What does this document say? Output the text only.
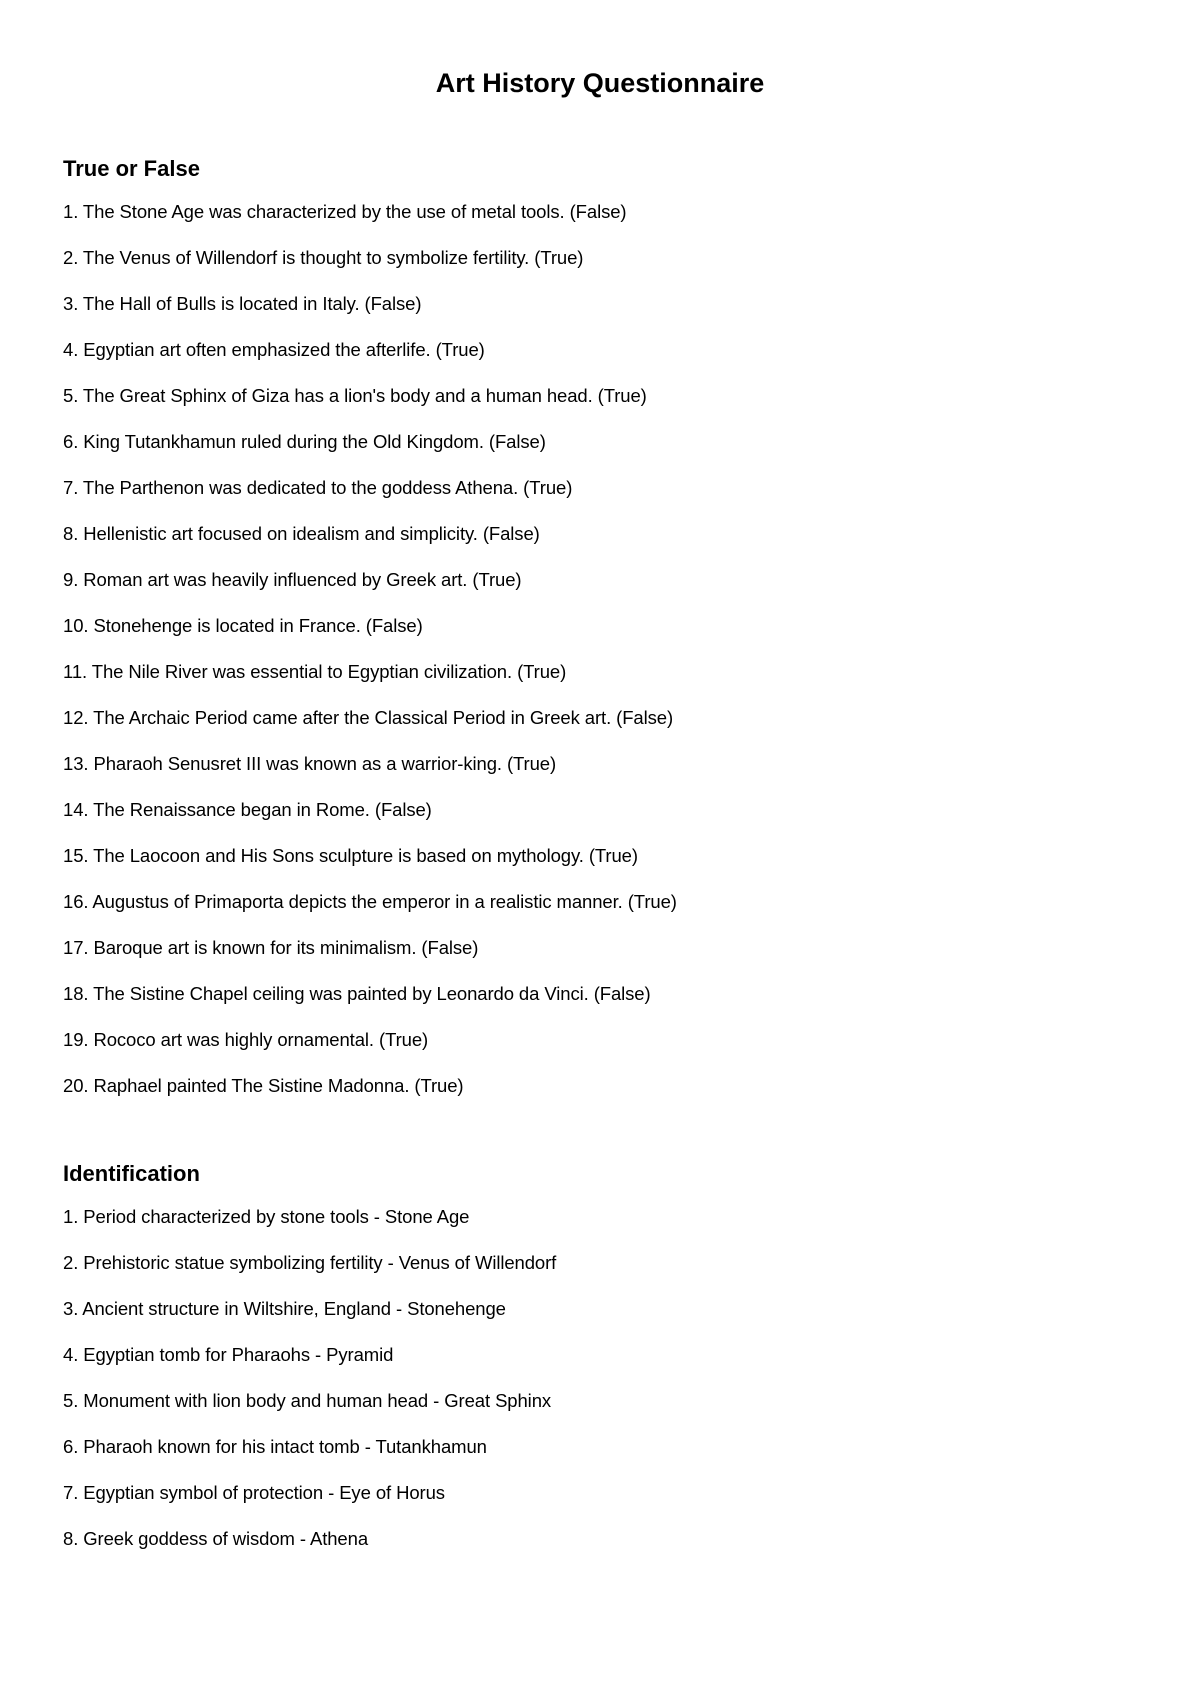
Art History Questionnaire
True or False
1. The Stone Age was characterized by the use of metal tools. (False)
2. The Venus of Willendorf is thought to symbolize fertility. (True)
3. The Hall of Bulls is located in Italy. (False)
4. Egyptian art often emphasized the afterlife. (True)
5. The Great Sphinx of Giza has a lion's body and a human head. (True)
6. King Tutankhamun ruled during the Old Kingdom. (False)
7. The Parthenon was dedicated to the goddess Athena. (True)
8. Hellenistic art focused on idealism and simplicity. (False)
9. Roman art was heavily influenced by Greek art. (True)
10. Stonehenge is located in France. (False)
11. The Nile River was essential to Egyptian civilization. (True)
12. The Archaic Period came after the Classical Period in Greek art. (False)
13. Pharaoh Senusret III was known as a warrior-king. (True)
14. The Renaissance began in Rome. (False)
15. The Laocoon and His Sons sculpture is based on mythology. (True)
16. Augustus of Primaporta depicts the emperor in a realistic manner. (True)
17. Baroque art is known for its minimalism. (False)
18. The Sistine Chapel ceiling was painted by Leonardo da Vinci. (False)
19. Rococo art was highly ornamental. (True)
20. Raphael painted The Sistine Madonna. (True)
Identification
1. Period characterized by stone tools - Stone Age
2. Prehistoric statue symbolizing fertility - Venus of Willendorf
3. Ancient structure in Wiltshire, England - Stonehenge
4. Egyptian tomb for Pharaohs - Pyramid
5. Monument with lion body and human head - Great Sphinx
6. Pharaoh known for his intact tomb - Tutankhamun
7. Egyptian symbol of protection - Eye of Horus
8. Greek goddess of wisdom - Athena
